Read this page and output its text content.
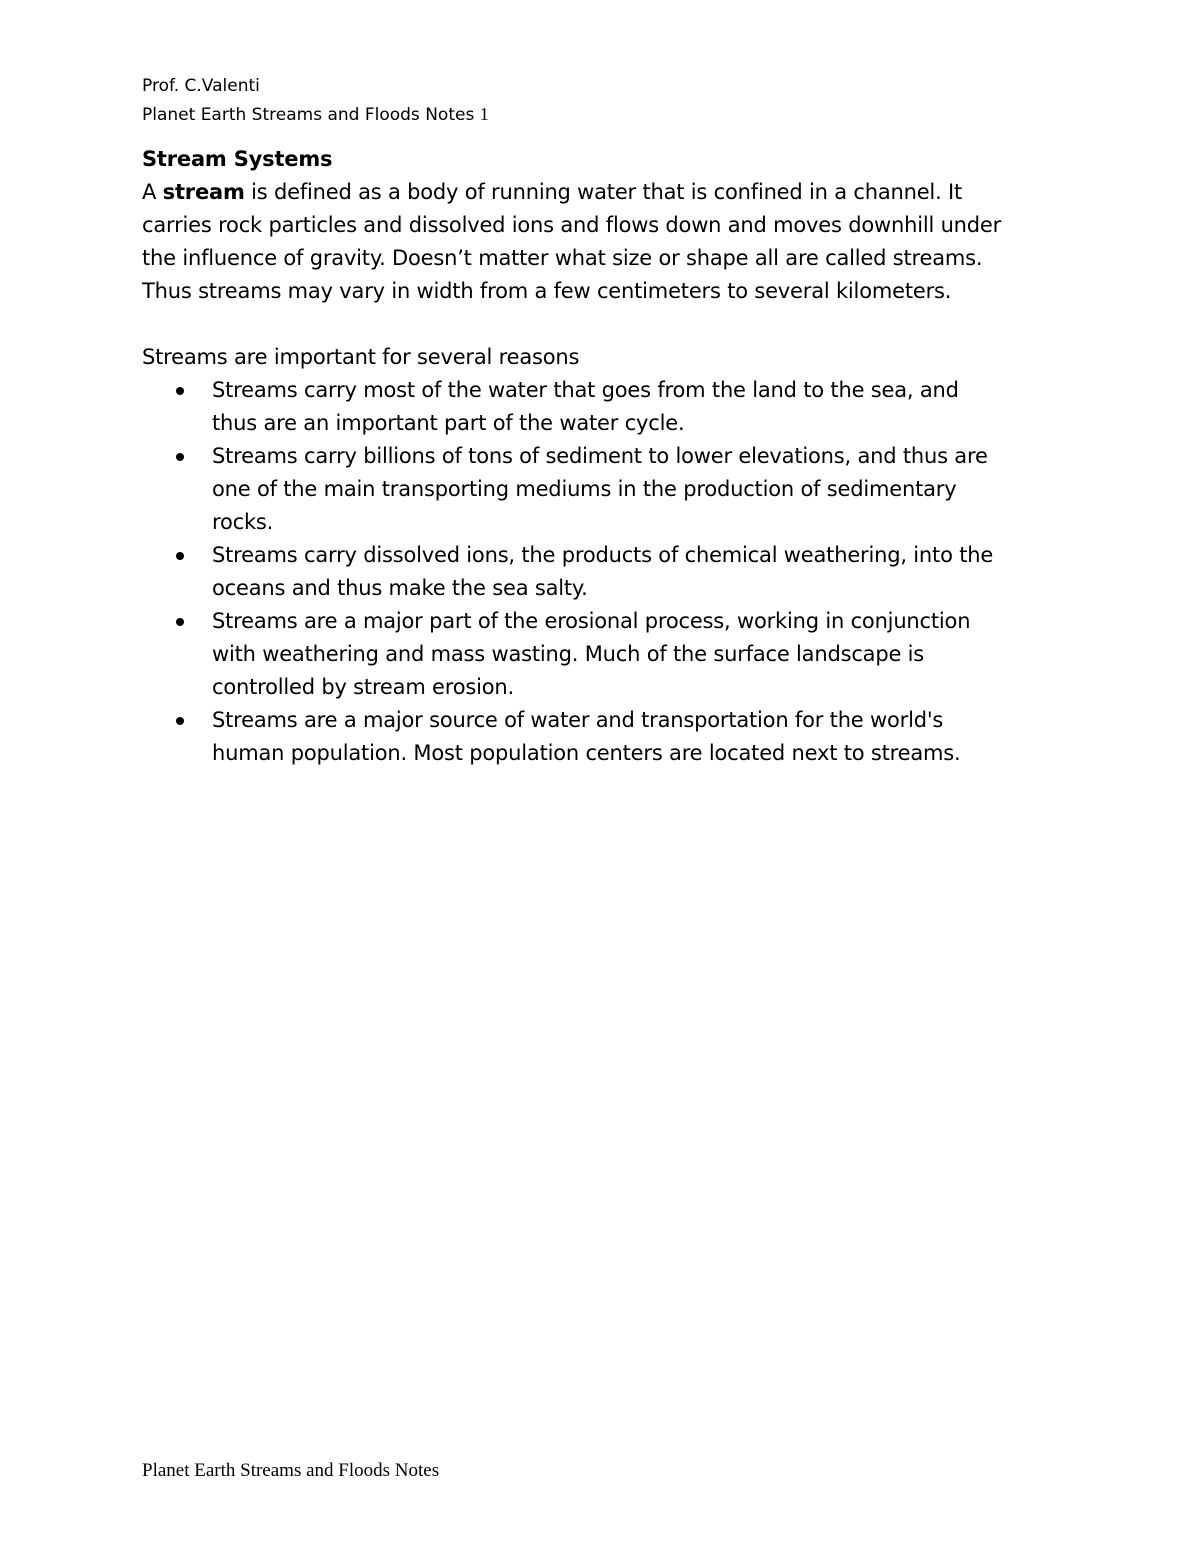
Prof. C.Valenti
Planet Earth Streams and Floods Notes 1

Stream Systems

A stream is defined as a body of running water that is confined in a channel. It
carries rock particles and dissolved ions and flows down and moves downhill under
the influence of gravity. Doesn’t matter what size or shape all are called streams.
Thus streams may vary in width from a few centimeters to several kilometers.

Streams are important for several reasons

Streams carry most of the water that goes from the land to the sea, and
thus are an important part of the water cycle.
Streams carry billions of tons of sediment to lower elevations, and thus are
one of the main transporting mediums in the production of sedimentary
rocks.
Streams carry dissolved ions, the products of chemical weathering, into the
oceans and thus make the sea salty.
Streams are a major part of the erosional process, working in conjunction
with weathering and mass wasting. Much of the surface landscape is
controlled by stream erosion.
Streams are a major source of water and transportation for the world's
human population. Most population centers are located next to streams.
Planet Earth Streams and Floods Notes
